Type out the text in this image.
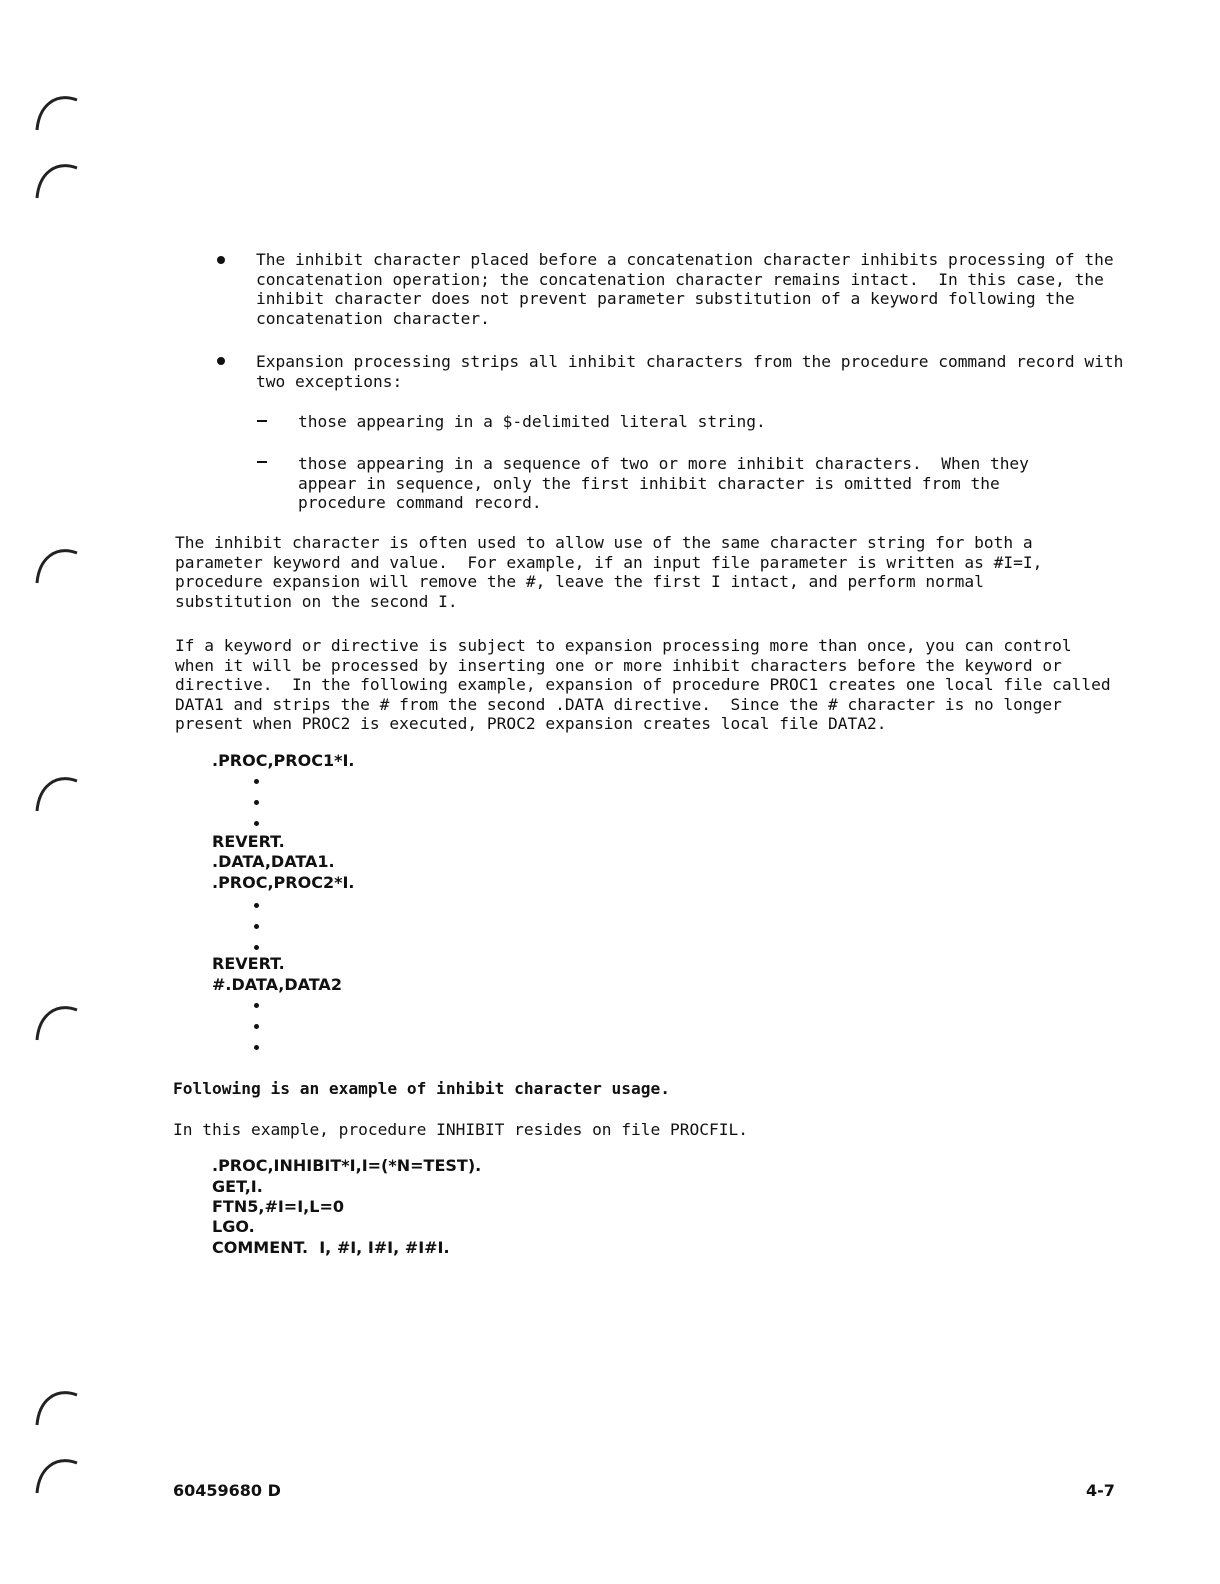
The inhibit character placed before a concatenation character inhibits processing of the concatenation operation; the concatenation character remains intact.  In this case, the inhibit character does not prevent parameter substitution of a keyword following the concatenation character.

Expansion processing strips all inhibit characters from the procedure command record with two exceptions:

those appearing in a $-delimited literal string.

those appearing in a sequence of two or more inhibit characters.  When they appear in sequence, only the first inhibit character is omitted from the procedure command record.

The inhibit character is often used to allow use of the same character string for both a parameter keyword and value.  For example, if an input file parameter is written as #I=I, procedure expansion will remove the #, leave the first I intact, and perform normal substitution on the second I.

If a keyword or directive is subject to expansion processing more than once, you can control when it will be processed by inserting one or more inhibit characters before the keyword or directive.  In the following example, expansion of procedure PROC1 creates one local file called DATA1 and strips the # from the second .DATA directive.  Since the # character is no longer present when PROC2 is executed, PROC2 expansion creates local file DATA2.

.PROC,PROC1*I.
REVERT.
.DATA,DATA1.
.PROC,PROC2*I.
REVERT.
#.DATA,DATA2

Following is an example of inhibit character usage.

In this example, procedure INHIBIT resides on file PROCFIL.

.PROC,INHIBIT*I,I=(*N=TEST).
GET,I.
FTN5,#I=I,L=0
LGO.
COMMENT.  I, #I, I#I, #I#I.
60459680 D	4-7
